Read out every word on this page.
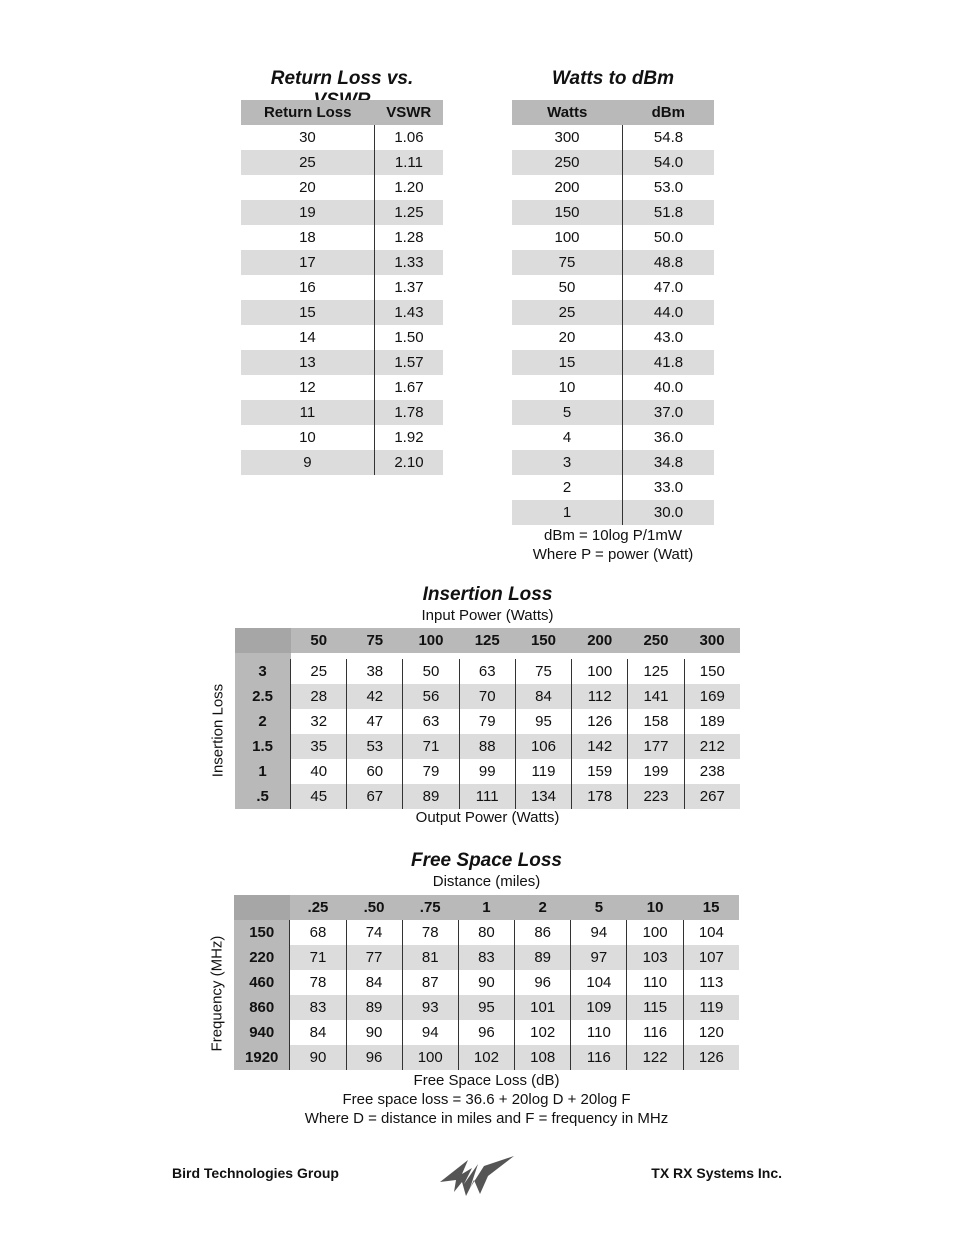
Return Loss vs.
Return Loss	VSWR
30	1.06
25	1.11
20	1.20
19	1.25
18	1.28
17	1.33
16	1.37
15	1.43
14	1.50
13	1.57
12	1.67
11	1.78
10	1.92
9	2.10
Watts to dBm
Watts	dBm
300	54.8
250	54.0
200	53.0
150	51.8
100	50.0
75	48.8
50	47.0
25	44.0
20	43.0
15	41.8
10	40.0
5	37.0
4	36.0
3	34.8
2	33.0
1	30.0
dBm = 10log P/1mW
Where P = power (Watt)
Insertion Loss
Input Power (Watts)
Insertion Loss
	50	75	100	125	150	200	250	300

3	25	38	50	63	75	100	125	150
2.5	28	42	56	70	84	112	141	169
2	32	47	63	79	95	126	158	189
1.5	35	53	71	88	106	142	177	212
1	40	60	79	99	119	159	199	238
.5	45	67	89	111	134	178	223	267
Output Power (Watts)
Free Space Loss
Distance (miles)
Frequency (MHz)
	.25	.50	.75	1	2	5	10	15
150	68	74	78	80	86	94	100	104
220	71	77	81	83	89	97	103	107
460	78	84	87	90	96	104	110	113
860	83	89	93	95	101	109	115	119
940	84	90	94	96	102	110	116	120
1920	90	96	100	102	108	116	122	126
Free Space Loss (dB)
Free space loss = 36.6 + 20log D + 20log F
Where D = distance in miles and F = frequency in MHz
Bird Technologies Group	TX RX Systems Inc.
